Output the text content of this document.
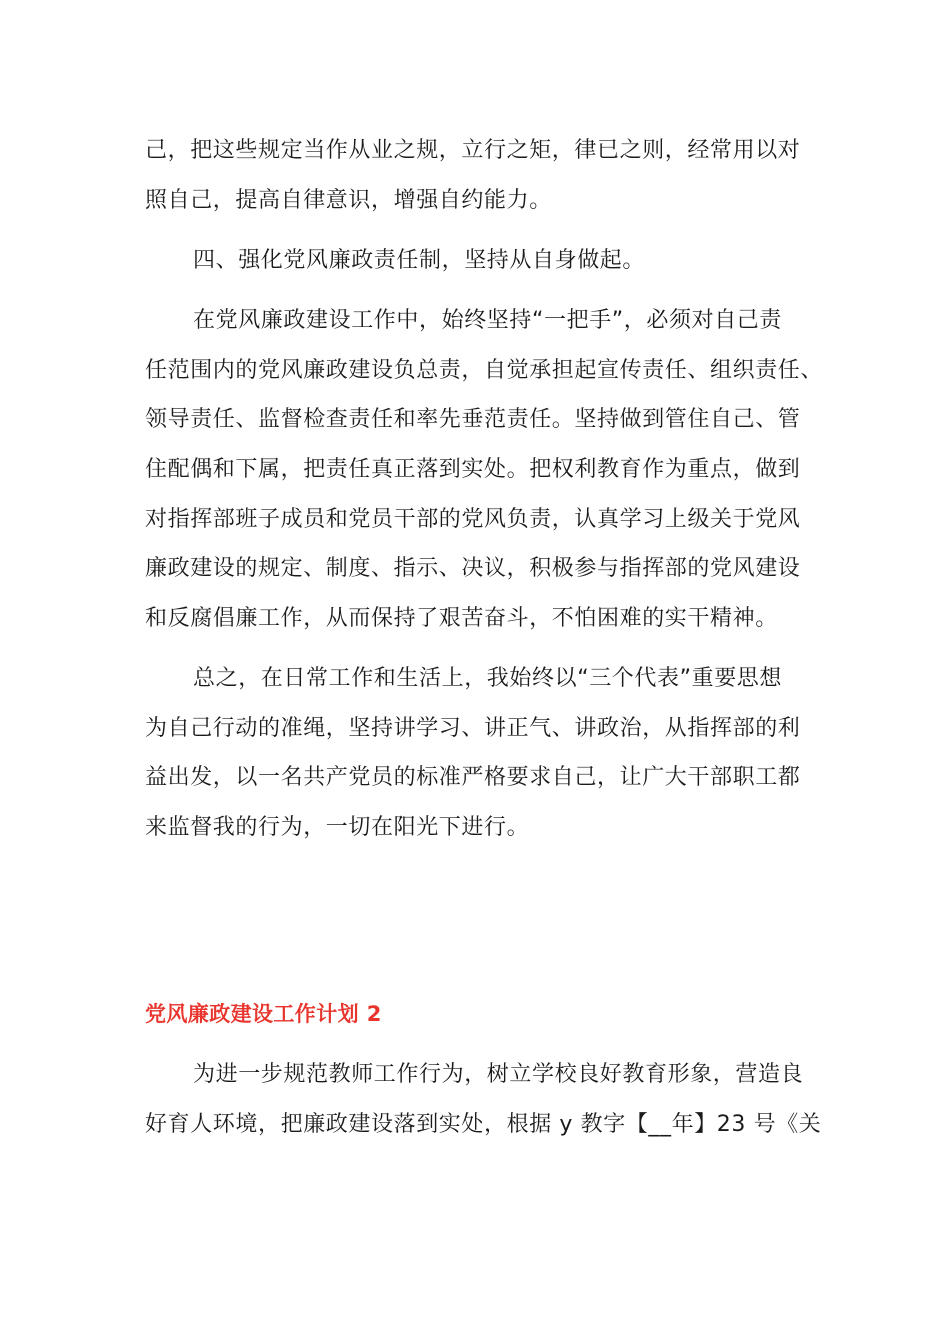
己，把这些规定当作从业之规，立行之矩，律已之则，经常用以对
照自己，提高自律意识，增强自约能力。
四、强化党风廉政责任制，坚持从自身做起。
在党风廉政建设工作中，始终坚持“一把手”，必须对自己责
任范围内的党风廉政建设负总责，自觉承担起宣传责任、组织责任、
领导责任、监督检查责任和率先垂范责任。坚持做到管住自己、管
住配偶和下属，把责任真正落到实处。把权利教育作为重点，做到
对指挥部班子成员和党员干部的党风负责，认真学习上级关于党风
廉政建设的规定、制度、指示、决议，积极参与指挥部的党风建设
和反腐倡廉工作，从而保持了艰苦奋斗，不怕困难的实干精神。
总之，在日常工作和生活上，我始终以“三个代表”重要思想
为自己行动的准绳，坚持讲学习、讲正气、讲政治，从指挥部的利
益出发，以一名共产党员的标准严格要求自己，让广大干部职工都
来监督我的行为，一切在阳光下进行。
党风廉政建设工作计划 2
为进一步规范教师工作行为，树立学校良好教育形象，营造良
好育人环境，把廉政建设落到实处，根据 y 教字【__年】23 号《关
